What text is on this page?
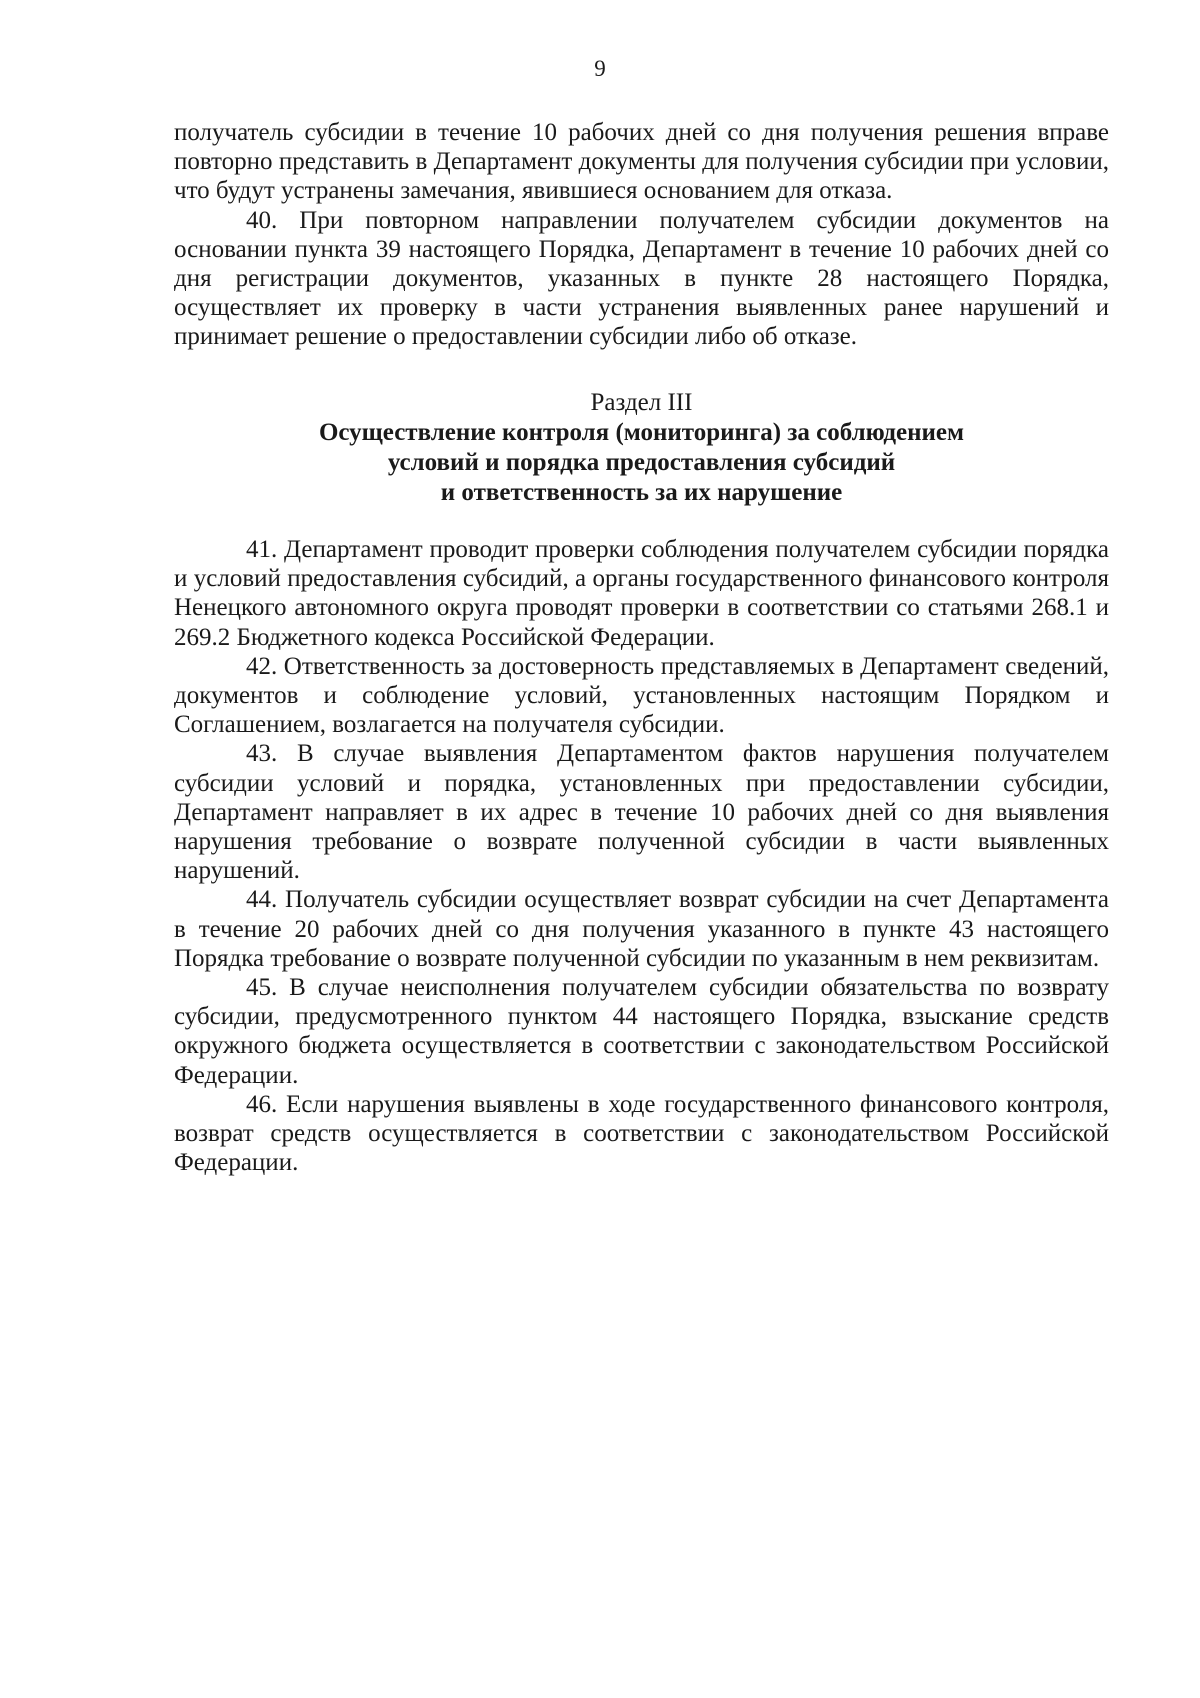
9

получатель субсидии в течение 10 рабочих дней со дня получения решения вправе повторно представить в Департамент документы для получения субсидии при условии, что будут устранены замечания, явившиеся основанием для отказа.

40. При повторном направлении получателем субсидии документов на основании пункта 39 настоящего Порядка, Департамент в течение 10 рабочих дней со дня регистрации документов, указанных в пункте 28 настоящего Порядка, осуществляет их проверку в части устранения выявленных ранее нарушений и принимает решение о предоставлении субсидии либо об отказе.

Раздел III

Осуществление контроля (мониторинга) за соблюдением

условий и порядка предоставления субсидий

и ответственность за их нарушение

41. Департамент проводит проверки соблюдения получателем субсидии порядка и условий предоставления субсидий, а органы государственного финансового контроля Ненецкого автономного округа проводят проверки в соответствии со статьями 268.1 и 269.2 Бюджетного кодекса Российской Федерации.

42. Ответственность за достоверность представляемых в Департамент сведений, документов и соблюдение условий, установленных настоящим Порядком и Соглашением, возлагается на получателя субсидии.

43. В случае выявления Департаментом фактов нарушения получателем субсидии условий и порядка, установленных при предоставлении субсидии, Департамент направляет в их адрес в течение 10 рабочих дней со дня выявления нарушения требование о возврате полученной субсидии в части выявленных нарушений.

44. Получатель субсидии осуществляет возврат субсидии на счет Департамента в течение 20 рабочих дней со дня получения указанного в пункте 43 настоящего Порядка требование о возврате полученной субсидии по указанным в нем реквизитам.

45. В случае неисполнения получателем субсидии обязательства по возврату субсидии, предусмотренного пунктом 44 настоящего Порядка, взыскание средств окружного бюджета осуществляется в соответствии с законодательством Российской Федерации.

46. Если нарушения выявлены в ходе государственного финансового контроля, возврат средств осуществляется в соответствии с законодательством Российской Федерации.
